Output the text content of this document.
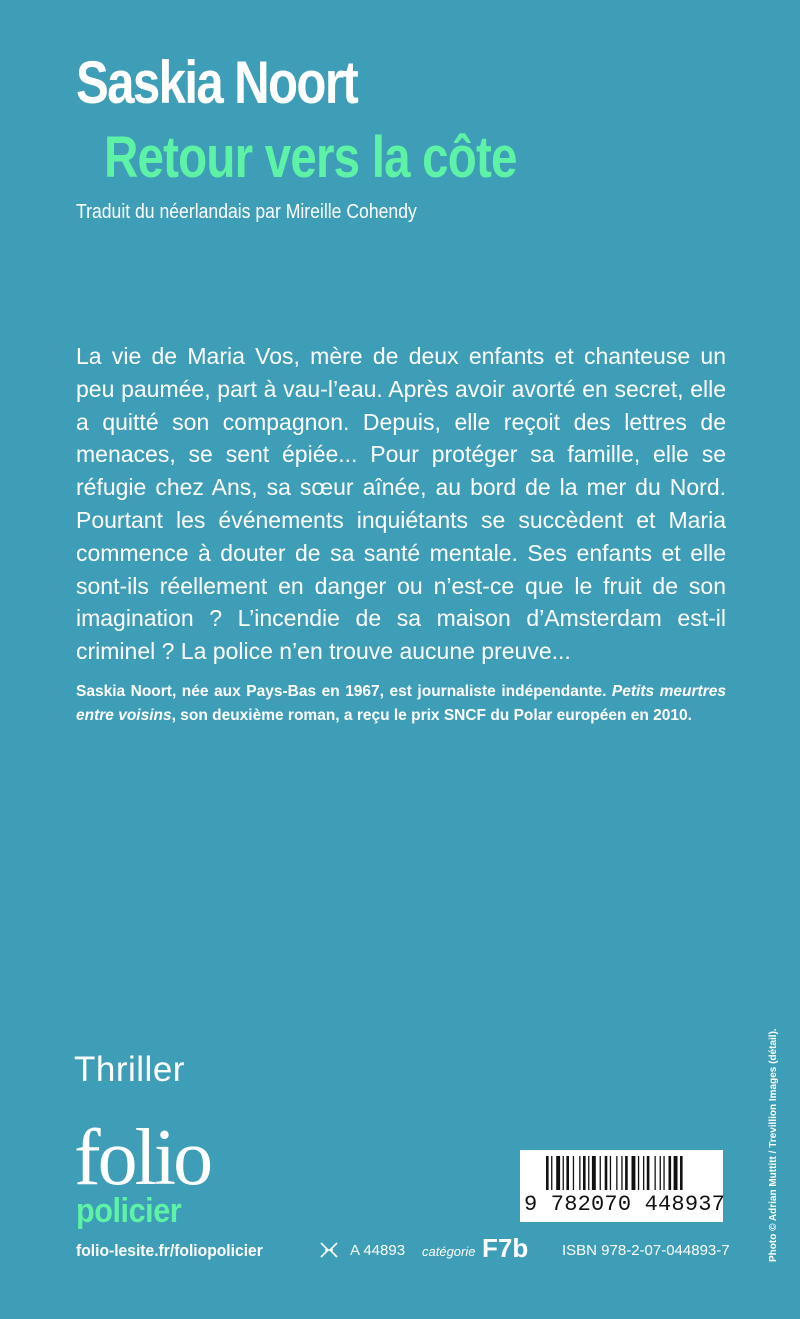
Saskia Noort
Retour vers la côte
Traduit du néerlandais par Mireille Cohendy

La vie de Maria Vos, mère de deux enfants et chanteuse un peu paumée, part à vau-l’eau. Après avoir avorté en secret, elle a quitté son compagnon. Depuis, elle reçoit des lettres de menaces, se sent épiée... Pour protéger sa famille, elle se réfugie chez Ans, sa sœur aînée, au bord de la mer du Nord. Pourtant les événements inquiétants se succèdent et Maria commence à douter de sa santé mentale. Ses enfants et elle sont-ils réellement en danger ou n’est-ce que le fruit de son imagination ? L’incendie de sa maison d’Amsterdam est-il criminel ? La police n’en trouve aucune preuve...

Saskia Noort, née aux Pays-Bas en 1967, est journaliste indépendante. Petits meurtres entre voisins, son deuxième roman, a reçu le prix SNCF du Polar européen en 2010.

Thriller
folio
policier	9 782070 448937
folio-lesite.fr/foliopolicier	A 44893 catégorie F7b ISBN 978-2-07-044893-7	Photo © Adrian Muttitt / Trevillion Images (détail).
